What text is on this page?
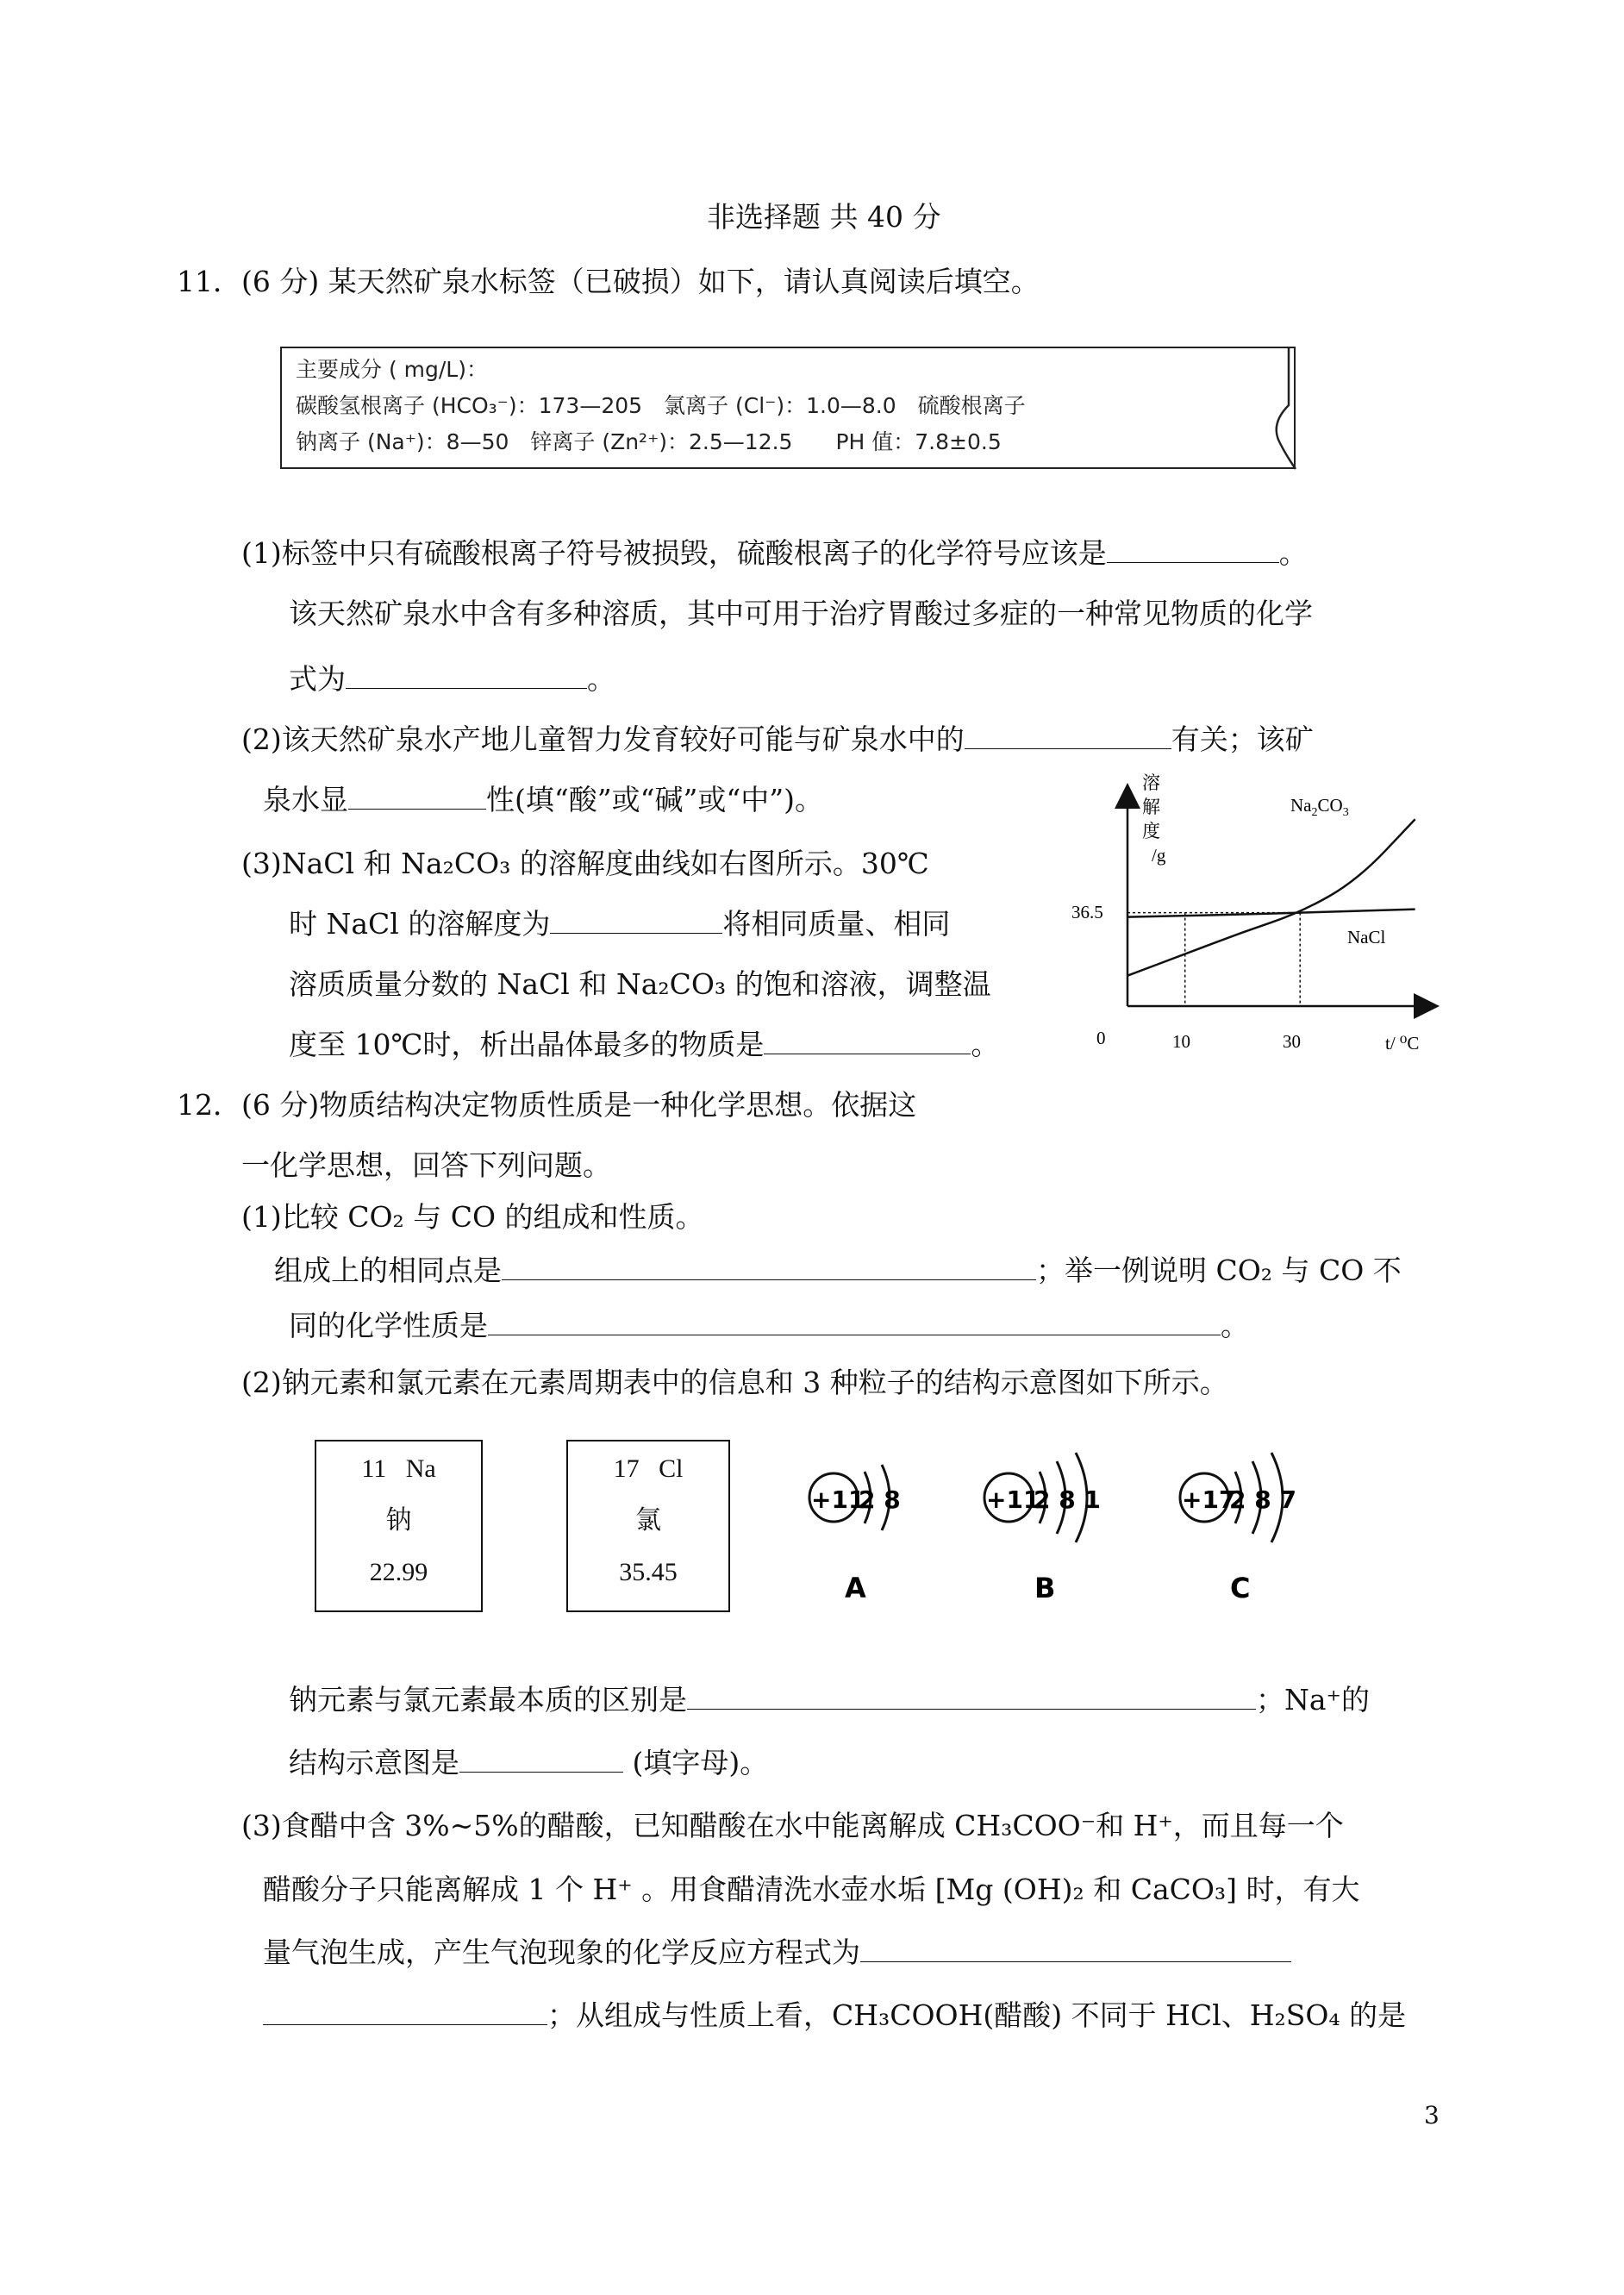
非选择题 共 40 分
11．(6 分) 某天然矿泉水标签（已破损）如下，请认真阅读后填空。
主要成分 ( mg/L)：
碳酸氢根离子 (HCO₃⁻)：173—205　氯离子 (Cl⁻)：1.0—8.0　硫酸根离子
钠离子 (Na⁺)：8—50　锌离子 (Zn²⁺)：2.5—12.5　　PH 值：7.8±0.5
(1)标签中只有硫酸根离子符号被损毁，硫酸根离子的化学符号应该是	。
该天然矿泉水中含有多种溶质，其中可用于治疗胃酸过多症的一种常见物质的化学
式为	。
(2)该天然矿泉水产地儿童智力发育较好可能与矿泉水中的	有关；该矿
泉水显	性(填“酸”或“碱”或“中”)。
(3)NaCl 和 Na₂CO₃ 的溶解度曲线如右图所示。30℃
时 NaCl 的溶解度为	将相同质量、相同
溶质质量分数的 NaCl 和 Na₂CO₃ 的饱和溶液，调整温
度至 10℃时，析出晶体最多的物质是	。
溶
解
度
/g
36.5
0	10	30	t/ ⁰C
$Na_2CO_3$
NaCl
12．(6 分)物质结构决定物质性质是一种化学思想。依据这
一化学思想，回答下列问题。
(1)比较 CO₂ 与 CO 的组成和性质。
组成上的相同点是	；举一例说明 CO₂ 与 CO 不
同的化学性质是	。
(2)钠元素和氯元素在元素周期表中的信息和 3 种粒子的结构示意图如下所示。
11 Na
钠
22.99
17 Cl
氯
35.45
+11
2 8
A
+11
2 8 1
B
+17
2 8 7
C
钠元素与氯元素最本质的区别是	；Na⁺的
结构示意图是	(填字母)。
(3)食醋中含 3%~5%的醋酸，已知醋酸在水中能离解成 CH₃COO⁻和 H⁺，而且每一个
醋酸分子只能离解成 1 个 H⁺ 。用食醋清洗水壶水垢 [Mg (OH)₂ 和 CaCO₃] 时，有大
量气泡生成，产生气泡现象的化学反应方程式为
；从组成与性质上看，CH₃COOH(醋酸) 不同于 HCl、H₂SO₄ 的是
3
